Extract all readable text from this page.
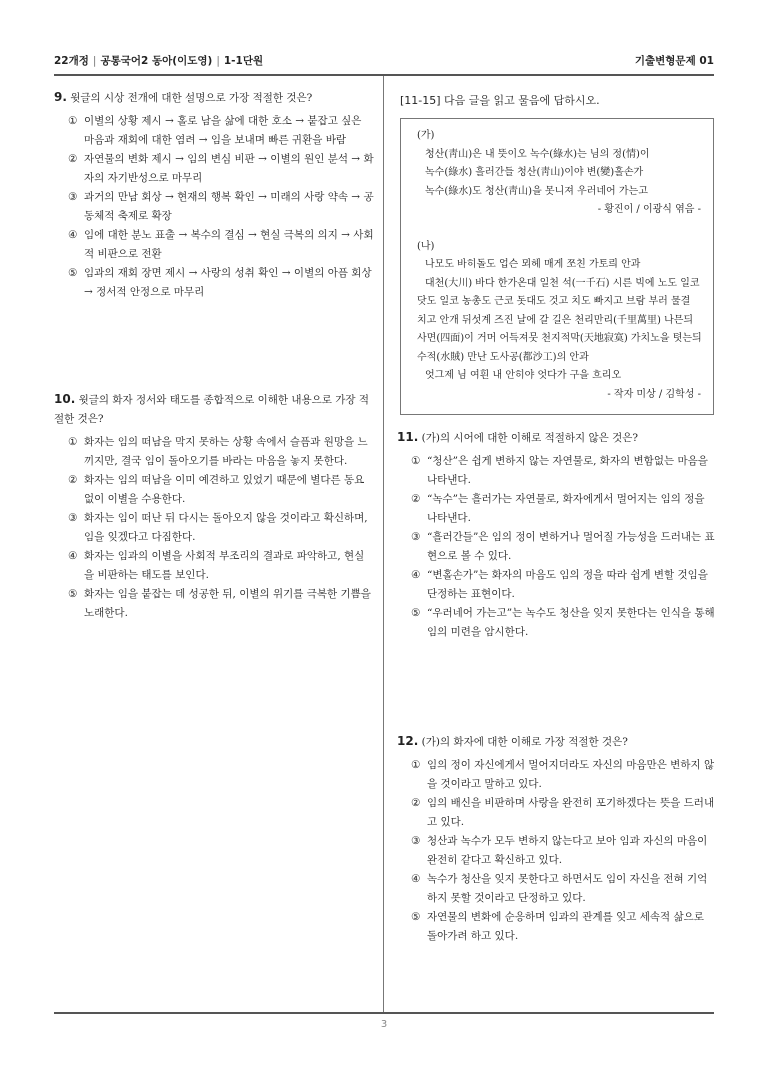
22개정 | 공통국어2 동아(이도영) | 1-1단원	기출변형문제 01
9. 윗글의 시상 전개에 대한 설명으로 가장 적절한 것은?
① 이별의 상황 제시 → 홀로 남을 삶에 대한 호소 → 붙잡고 싶은 마음과 재회에 대한 염려 → 임을 보내며 빠른 귀환을 바람
② 자연물의 변화 제시 → 임의 변심 비판 → 이별의 원인 분석 → 화자의 자기반성으로 마무리
③ 과거의 만남 회상 → 현재의 행복 확인 → 미래의 사랑 약속 → 공동체적 축제로 확장
④ 임에 대한 분노 표출 → 복수의 결심 → 현실 극복의 의지 → 사회적 비판으로 전환
⑤ 임과의 재회 장면 제시 → 사랑의 성취 확인 → 이별의 아픔 회상 → 정서적 안정으로 마무리
10. 윗글의 화자 정서와 태도를 종합적으로 이해한 내용으로 가장 적절한 것은?
① 화자는 임의 떠남을 막지 못하는 상황 속에서 슬픔과 원망을 느끼지만, 결국 임이 돌아오기를 바라는 마음을 놓지 못한다.
② 화자는 임의 떠남을 이미 예견하고 있었기 때문에 별다른 동요 없이 이별을 수용한다.
③ 화자는 임이 떠난 뒤 다시는 돌아오지 않을 것이라고 확신하며, 임을 잊겠다고 다짐한다.
④ 화자는 임과의 이별을 사회적 부조리의 결과로 파악하고, 현실을 비판하는 태도를 보인다.
⑤ 화자는 임을 붙잡는 데 성공한 뒤, 이별의 위기를 극복한 기쁨을 노래한다.
[11-15] 다음 글을 읽고 물음에 답하시오.
(가)
청산(靑山)은 내 뜻이오 녹수(綠水)는 님의 정(情)이
녹수(綠水) 흘러간들 청산(靑山)이야 변(變)홀손가
녹수(綠水)도 청산(靑山)을 못니져 우러네어 가는고
- 황진이 / 이광식 엮음 -
(나)
나모도 바히돌도 업슨 뫼헤 매게 쪼친 가토릐 안과
대천(大川) 바다 한가온대 일천 석(一千石) 시른 빅에 노도 일코
닷도 일코 농총도 근코 돗대도 것고 치도 빠지고 브람 부러 물결
치고 안개 뒤섯계 즈진 날에 갈 길은 천리만리(千里萬里) 나믄듸
사면(四面)이 거머 어득져뭇 천지적막(天地寂寞) 가치노을 텻는듸
수적(水賊) 만난 도사공(都沙工)의 안과
엇그제 님 여흰 내 안히야 엇다가 구을 흐리오
- 작자 미상 / 김학성 -
11. (가)의 시어에 대한 이해로 적절하지 않은 것은?
① “청산”은 쉽게 변하지 않는 자연물로, 화자의 변함없는 마음을 나타낸다.
② “녹수”는 흘러가는 자연물로, 화자에게서 멀어지는 임의 정을 나타낸다.
③ “흘러간들”은 임의 정이 변하거나 멀어질 가능성을 드러내는 표현으로 볼 수 있다.
④ “변홀손가”는 화자의 마음도 임의 정을 따라 쉽게 변할 것임을 단정하는 표현이다.
⑤ “우러네어 가는고”는 녹수도 청산을 잊지 못한다는 인식을 통해 임의 미련을 암시한다.
12. (가)의 화자에 대한 이해로 가장 적절한 것은?
① 임의 정이 자신에게서 멀어지더라도 자신의 마음만은 변하지 않을 것이라고 말하고 있다.
② 임의 배신을 비판하며 사랑을 완전히 포기하겠다는 뜻을 드러내고 있다.
③ 청산과 녹수가 모두 변하지 않는다고 보아 임과 자신의 마음이 완전히 같다고 확신하고 있다.
④ 녹수가 청산을 잊지 못한다고 하면서도 임이 자신을 전혀 기억하지 못할 것이라고 단정하고 있다.
⑤ 자연물의 변화에 순응하며 임과의 관계를 잊고 세속적 삶으로 돌아가려 하고 있다.
3
